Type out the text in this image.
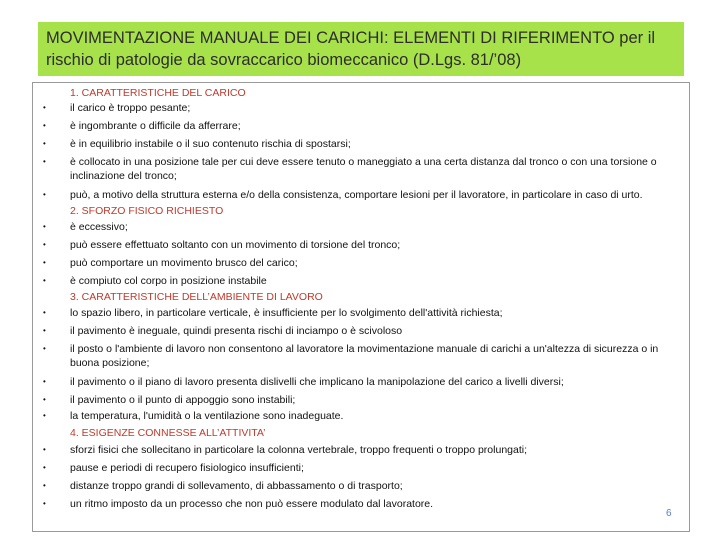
MOVIMENTAZIONE MANUALE DEI CARICHI: ELEMENTI DI RIFERIMENTO per il
rischio di patologie da sovraccarico biomeccanico (D.Lgs. 81/’08)
1. CARATTERISTICHE DEL CARICO
• il carico è troppo pesante;
• è ingombrante o difficile da afferrare;
• è in equilibrio instabile o il suo contenuto rischia di spostarsi;
• è collocato in una posizione tale per cui deve essere tenuto o maneggiato a una certa distanza dal tronco o con una torsione o inclinazione del tronco;
• può, a motivo della struttura esterna e/o della consistenza, comportare lesioni per il lavoratore, in particolare in caso di urto.
2. SFORZO FISICO RICHIESTO
• è eccessivo;
• può essere effettuato soltanto con un movimento di torsione del tronco;
• può comportare un movimento brusco del carico;
• è compiuto col corpo in posizione instabile
3. CARATTERISTICHE DELL’AMBIENTE DI LAVORO
• lo spazio libero, in particolare verticale, è insufficiente per lo svolgimento dell'attività richiesta;
• il pavimento è ineguale, quindi presenta rischi di inciampo o è scivoloso
• il posto o l'ambiente di lavoro non consentono al lavoratore la movimentazione manuale di carichi a un'altezza di sicurezza o in buona posizione;
• il pavimento o il piano di lavoro presenta dislivelli che implicano la manipolazione del carico a livelli diversi;
• il pavimento o il punto di appoggio sono instabili;
• la temperatura, l'umidità o la ventilazione sono inadeguate.
4. ESIGENZE CONNESSE ALL’ATTIVITA’
• sforzi fisici che sollecitano in particolare la colonna vertebrale, troppo frequenti o troppo prolungati;
• pause e periodi di recupero fisiologico insufficienti;
• distanze troppo grandi di sollevamento, di abbassamento o di trasporto;
• un ritmo imposto da un processo che non può essere modulato dal lavoratore.
6
